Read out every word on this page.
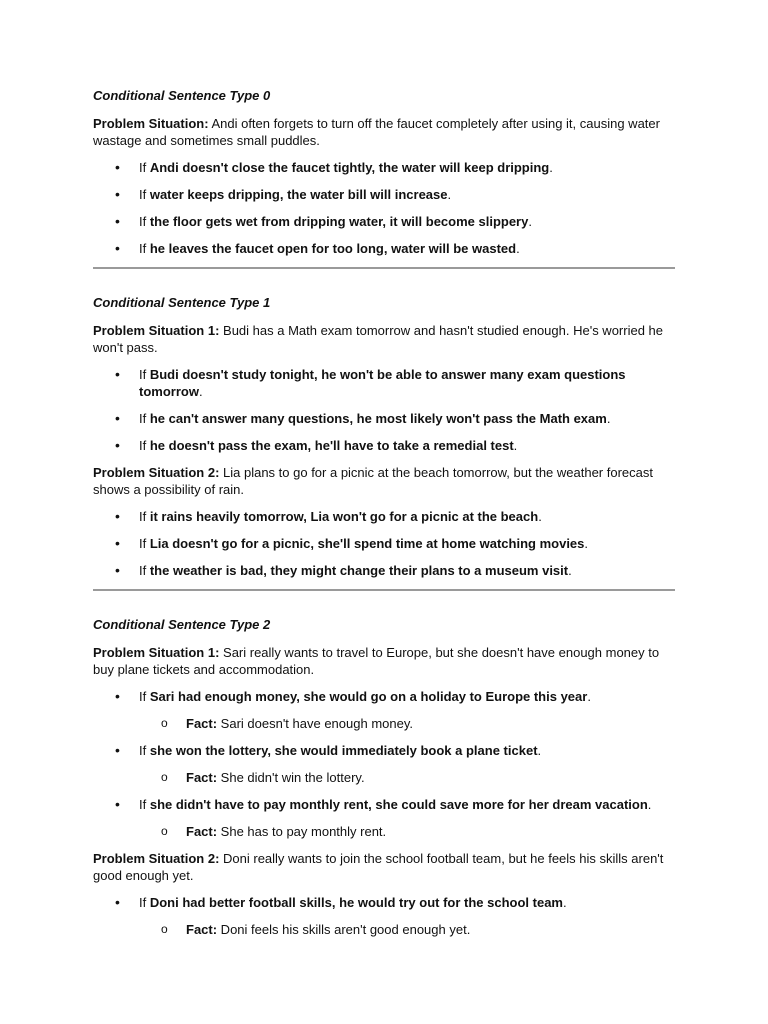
Conditional Sentence Type 0

Problem Situation: Andi often forgets to turn off the faucet completely after using it, causing water wastage and sometimes small puddles.

• If Andi doesn't close the faucet tightly, the water will keep dripping.
• If water keeps dripping, the water bill will increase.
• If the floor gets wet from dripping water, it will become slippery.
• If he leaves the faucet open for too long, water will be wasted.

Conditional Sentence Type 1

Problem Situation 1: Budi has a Math exam tomorrow and hasn't studied enough. He's worried he won't pass.

• If Budi doesn't study tonight, he won't be able to answer many exam questions tomorrow.
• If he can't answer many questions, he most likely won't pass the Math exam.
• If he doesn't pass the exam, he'll have to take a remedial test.

Problem Situation 2: Lia plans to go for a picnic at the beach tomorrow, but the weather forecast shows a possibility of rain.

• If it rains heavily tomorrow, Lia won't go for a picnic at the beach.
• If Lia doesn't go for a picnic, she'll spend time at home watching movies.
• If the weather is bad, they might change their plans to a museum visit.

Conditional Sentence Type 2

Problem Situation 1: Sari really wants to travel to Europe, but she doesn't have enough money to buy plane tickets and accommodation.

• If Sari had enough money, she would go on a holiday to Europe this year.
o Fact: Sari doesn't have enough money.
• If she won the lottery, she would immediately book a plane ticket.
o Fact: She didn't win the lottery.
• If she didn't have to pay monthly rent, she could save more for her dream vacation.
o Fact: She has to pay monthly rent.

Problem Situation 2: Doni really wants to join the school football team, but he feels his skills aren't good enough yet.

• If Doni had better football skills, he would try out for the school team.
o Fact: Doni feels his skills aren't good enough yet.
